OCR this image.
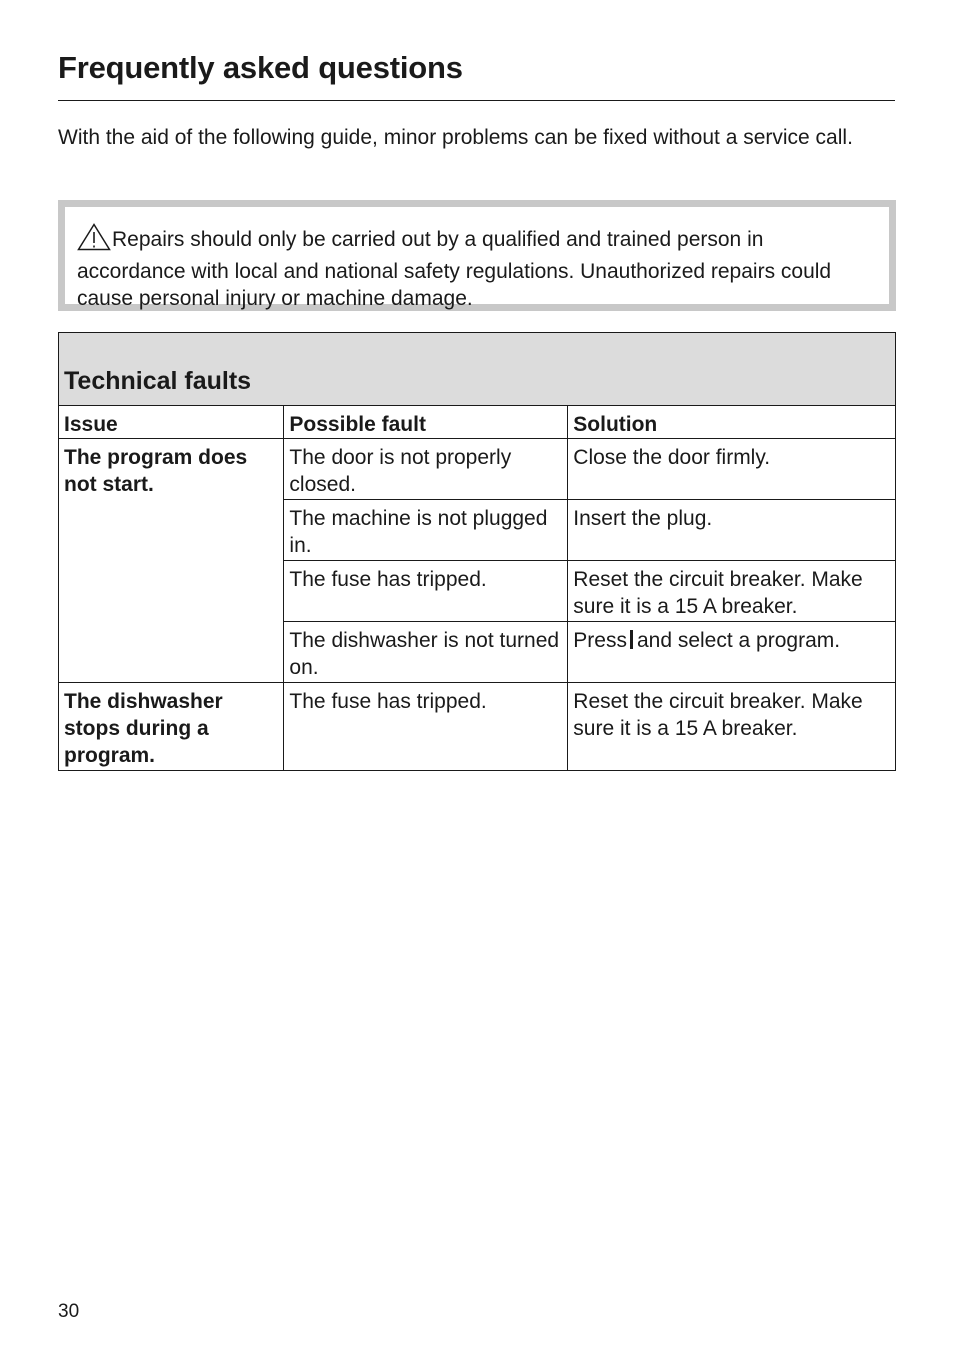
Frequently asked questions

With the aid of the following guide, minor problems can be fixed without a service call.

Repairs should only be carried out by a qualified and trained person in accordance with local and national safety regulations. Unauthorized repairs could cause personal injury or machine damage.
Technical faults		
Issue	Possible fault	Solution
The program does not start.	The door is not properly closed.	Close the door firmly.
	The machine is not plugged in.	Insert the plug.
	The fuse has tripped.	Reset the circuit breaker. Make sure it is a 15 A breaker.
	The dishwasher is not turned on.	Press and select a program.
The dishwasher stops during a program.	The fuse has tripped.	Reset the circuit breaker. Make sure it is a 15 A breaker.
30
